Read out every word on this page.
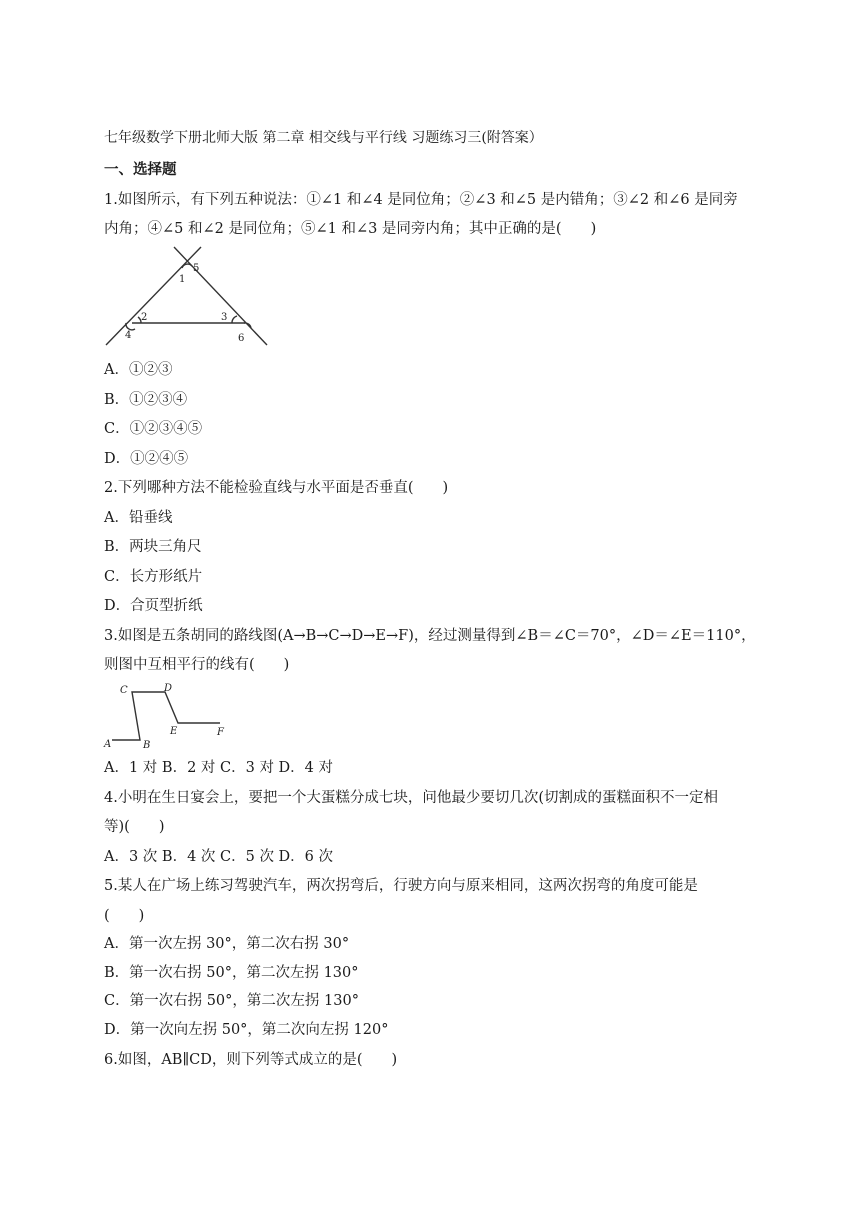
七年级数学下册北师大版 第二章 相交线与平行线 习题练习三(附答案）
一、选择题
1.如图所示，有下列五种说法：①∠1 和∠4 是同位角；②∠3 和∠5 是内错角；③∠2 和∠6 是同旁
内角；④∠5 和∠2 是同位角；⑤∠1 和∠3 是同旁内角；其中正确的是(　　)
5
1
2	3
4	6
A．①②③
B．①②③④
C．①②③④⑤
D．①②④⑤
2.下列哪种方法不能检验直线与水平面是否垂直(　　)
A．铅垂线
B．两块三角尺
C．长方形纸片
D．合页型折纸
3.如图是五条胡同的路线图(A→B→C→D→E→F)，经过测量得到∠B＝∠C＝70°，∠D＝∠E＝110°，
则图中互相平行的线有(　　)
C	D
A	B
E	F
A．1 对 B．2 对 C．3 对 D．4 对
4.小明在生日宴会上，要把一个大蛋糕分成七块，问他最少要切几次(切割成的蛋糕面积不一定相
等)(　　)
A．3 次 B．4 次 C．5 次 D．6 次
5.某人在广场上练习驾驶汽车，两次拐弯后，行驶方向与原来相同，这两次拐弯的角度可能是
(　　)
A．第一次左拐 30°，第二次右拐 30°
B．第一次右拐 50°，第二次左拐 130°
C．第一次右拐 50°，第二次左拐 130°
D．第一次向左拐 50°，第二次向左拐 120°
6.如图，AB∥CD，则下列等式成立的是(　　)
